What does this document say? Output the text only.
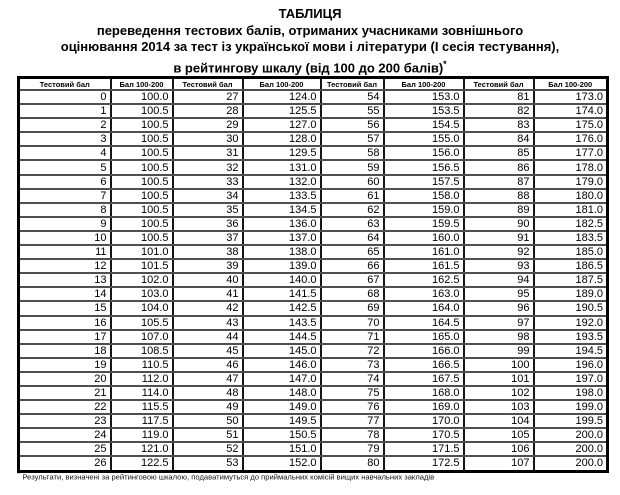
ТАБЛИЦЯ
переведення тестових балів, отриманих учасниками зовнішнього
оцінювання 2014 за тест із української мови і літератури (І сесія тестування),
в рейтингову шкалу (від 100 до 200 балів)*
Тестовий бал	Бал 100-200	Тестовий бал	Бал 100-200	Тестовий бал	Бал 100-200	Тестовий бал	Бал 100-200
0	100.0	27	124.0	54	153.0	81	173.0
1	100.5	28	125.5	55	153.5	82	174.0
2	100.5	29	127.0	56	154.5	83	175.0
3	100.5	30	128.0	57	155.0	84	176.0
4	100.5	31	129.5	58	156.0	85	177.0
5	100.5	32	131.0	59	156.5	86	178.0
6	100.5	33	132.0	60	157.5	87	179.0
7	100.5	34	133.5	61	158.0	88	180.0
8	100.5	35	134.5	62	159.0	89	181.0
9	100.5	36	136.0	63	159.5	90	182.5
10	100.5	37	137.0	64	160.0	91	183.5
11	101.0	38	138.0	65	161.0	92	185.0
12	101.5	39	139.0	66	161.5	93	186.5
13	102.0	40	140.0	67	162.5	94	187.5
14	103.0	41	141.5	68	163.0	95	189.0
15	104.0	42	142.5	69	164.0	96	190.5
16	105.5	43	143.5	70	164.5	97	192.0
17	107.0	44	144.5	71	165.0	98	193.5
18	108.5	45	145.0	72	166.0	99	194.5
19	110.5	46	146.0	73	166.5	100	196.0
20	112.0	47	147.0	74	167.5	101	197.0
21	114.0	48	148.0	75	168.0	102	198.0
22	115.5	49	149.0	76	169.0	103	199.0
23	117.5	50	149.5	77	170.0	104	199.5
24	119.0	51	150.5	78	170.5	105	200.0
25	121.0	52	151.0	79	171.5	106	200.0
26	122.5	53	152.0	80	172.5	107	200.0
* Результати, визначені за рейтинговою шкалою, подаватимуться до приймальних комісій вищих навчальних закладів
